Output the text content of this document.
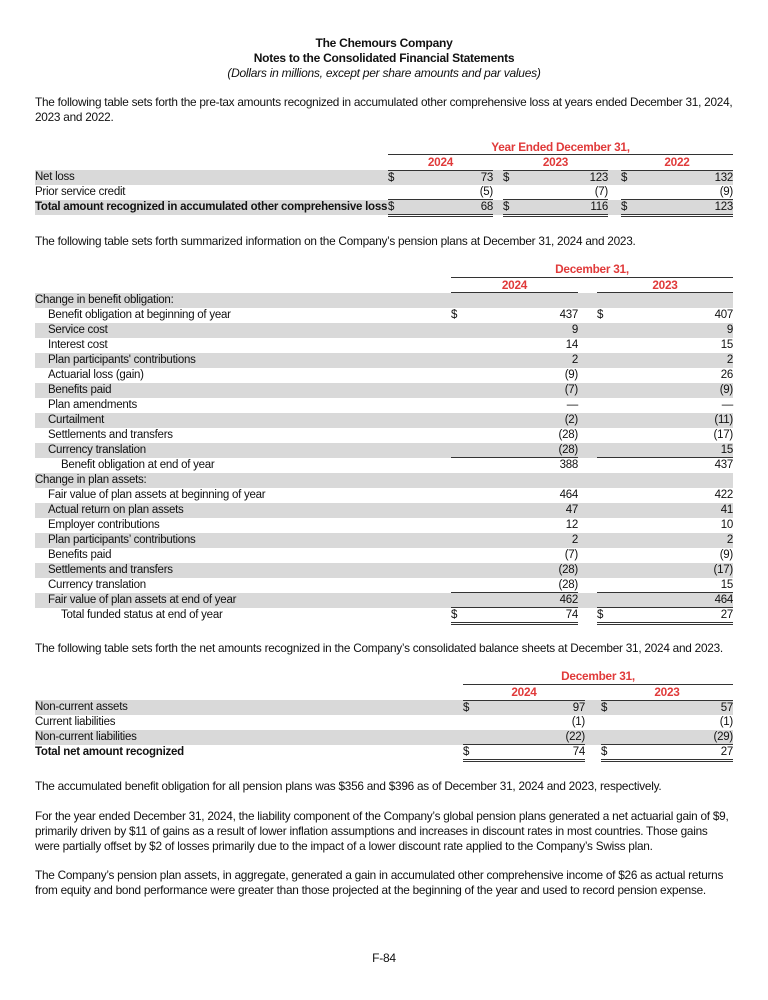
The Chemours Company
Notes to the Consolidated Financial Statements
(Dollars in millions, except per share amounts and par values)
The following table sets forth the pre-tax amounts recognized in accumulated other comprehensive loss at years ended December 31, 2024, 2023 and 2022.
Year Ended December 31,
2024	2023	2022
Net loss	$	73 $	123 $	132
Prior service credit	(5)	(7)	(9)
Total amount recognized in accumulated other comprehensive loss $	68 $	116 $	123
The following table sets forth summarized information on the Company’s pension plans at December 31, 2024 and 2023.
December 31,
2024	2023
Change in benefit obligation:
Benefit obligation at beginning of year	$	437 $	407
Service cost	9	9
Interest cost	14	15
Plan participants' contributions	2	2
Actuarial loss (gain)	(9)	26
Benefits paid	(7)	(9)
Plan amendments	—	—
Curtailment	(2)	(11)
Settlements and transfers	(28)	(17)
Currency translation	(28)	15
Benefit obligation at end of year	388	437
Change in plan assets:
Fair value of plan assets at beginning of year	464	422
Actual return on plan assets	47	41
Employer contributions	12	10
Plan participants’ contributions	2	2
Benefits paid	(7)	(9)
Settlements and transfers	(28)	(17)
Currency translation	(28)	15
Fair value of plan assets at end of year	462	464
Total funded status at end of year	$	74 $	27
The following table sets forth the net amounts recognized in the Company’s consolidated balance sheets at December 31, 2024 and 2023.
December 31,
2024	2023
Non-current assets	$	97 $	57
Current liabilities	(1)	(1)
Non-current liabilities	(22)	(29)
Total net amount recognized	$	74 $	27
The accumulated benefit obligation for all pension plans was $356 and $396 as of December 31, 2024 and 2023, respectively.
For the year ended December 31, 2024, the liability component of the Company’s global pension plans generated a net actuarial gain of $9, primarily driven by $11 of gains as a result of lower inflation assumptions and increases in discount rates in most countries. Those gains were partially offset by $2 of losses primarily due to the impact of a lower discount rate applied to the Company’s Swiss plan.
The Company’s pension plan assets, in aggregate, generated a gain in accumulated other comprehensive income of $26 as actual returns from equity and bond performance were greater than those projected at the beginning of the year and used to record pension expense.
F-84
